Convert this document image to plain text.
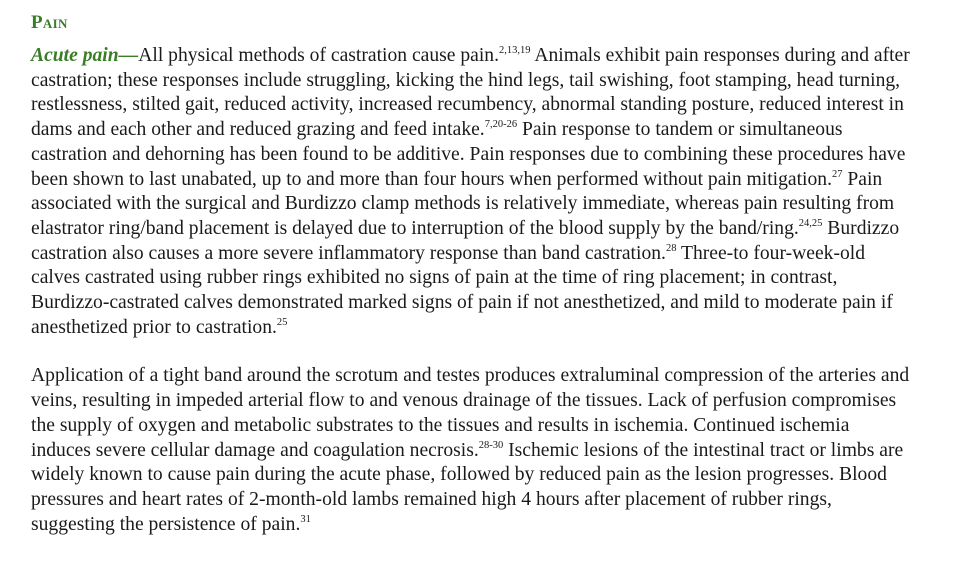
Pain

Acute pain—All physical methods of castration cause pain.$^{2,13,19}$ Animals exhibit pain responses during and after castration; these responses include struggling, kicking the hind legs, tail swishing, foot stamping, head turning, restlessness, stilted gait, reduced activity, increased recumbency, abnormal standing posture, reduced interest in dams and each other and reduced grazing and feed intake.$^{7,20-26}$ Pain response to tandem or simultaneous castration and dehorning has been found to be additive. Pain responses due to combining these procedures have been shown to last unabated, up to and more than four hours when performed without pain mitigation.$^{27}$ Pain associated with the surgical and Burdizzo clamp methods is relatively immediate, whereas pain resulting from elastrator ring/band placement is delayed due to interruption of the blood supply by the band/ring.$^{24,25}$ Burdizzo castration also causes a more severe inflammatory response than band castration.$^{28}$ Three-to four-week-old calves castrated using rubber rings exhibited no signs of pain at the time of ring placement; in contrast, Burdizzo-castrated calves demonstrated marked signs of pain if not anesthetized, and mild to moderate pain if anesthetized prior to castration.$^{25}$

Application of a tight band around the scrotum and testes produces extraluminal compression of the arteries and veins, resulting in impeded arterial flow to and venous drainage of the tissues. Lack of perfusion compromises the supply of oxygen and metabolic substrates to the tissues and results in ischemia. Continued ischemia induces severe cellular damage and coagulation necrosis.$^{28-30}$ Ischemic lesions of the intestinal tract or limbs are widely known to cause pain during the acute phase, followed by reduced pain as the lesion progresses. Blood pressures and heart rates of 2-month-old lambs remained high 4 hours after placement of rubber rings, suggesting the persistence of pain.$^{31}$
